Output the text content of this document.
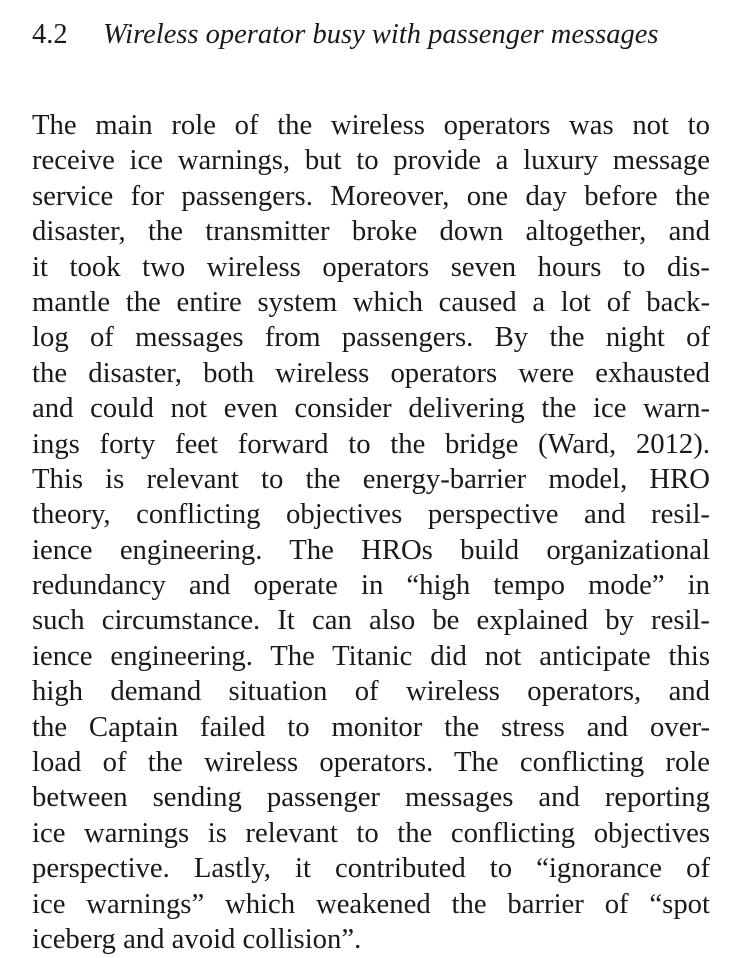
4.2 Wireless operator busy with passenger messages
The main role of the wireless operators was not to
receive ice warnings, but to provide a luxury message
service for passengers. Moreover, one day before the
disaster, the transmitter broke down altogether, and
it took two wireless operators seven hours to dis-
mantle the entire system which caused a lot of back-
log of messages from passengers. By the night of
the disaster, both wireless operators were exhausted
and could not even consider delivering the ice warn-
ings forty feet forward to the bridge (Ward, 2012).
This is relevant to the energy-barrier model, HRO
theory, conflicting objectives perspective and resil-
ience engineering. The HROs build organizational
redundancy and operate in “high tempo mode” in
such circumstance. It can also be explained by resil-
ience engineering. The Titanic did not anticipate this
high demand situation of wireless operators, and
the Captain failed to monitor the stress and over-
load of the wireless operators. The conflicting role
between sending passenger messages and reporting
ice warnings is relevant to the conflicting objectives
perspective. Lastly, it contributed to “ignorance of
ice warnings” which weakened the barrier of “spot
iceberg and avoid collision”.
